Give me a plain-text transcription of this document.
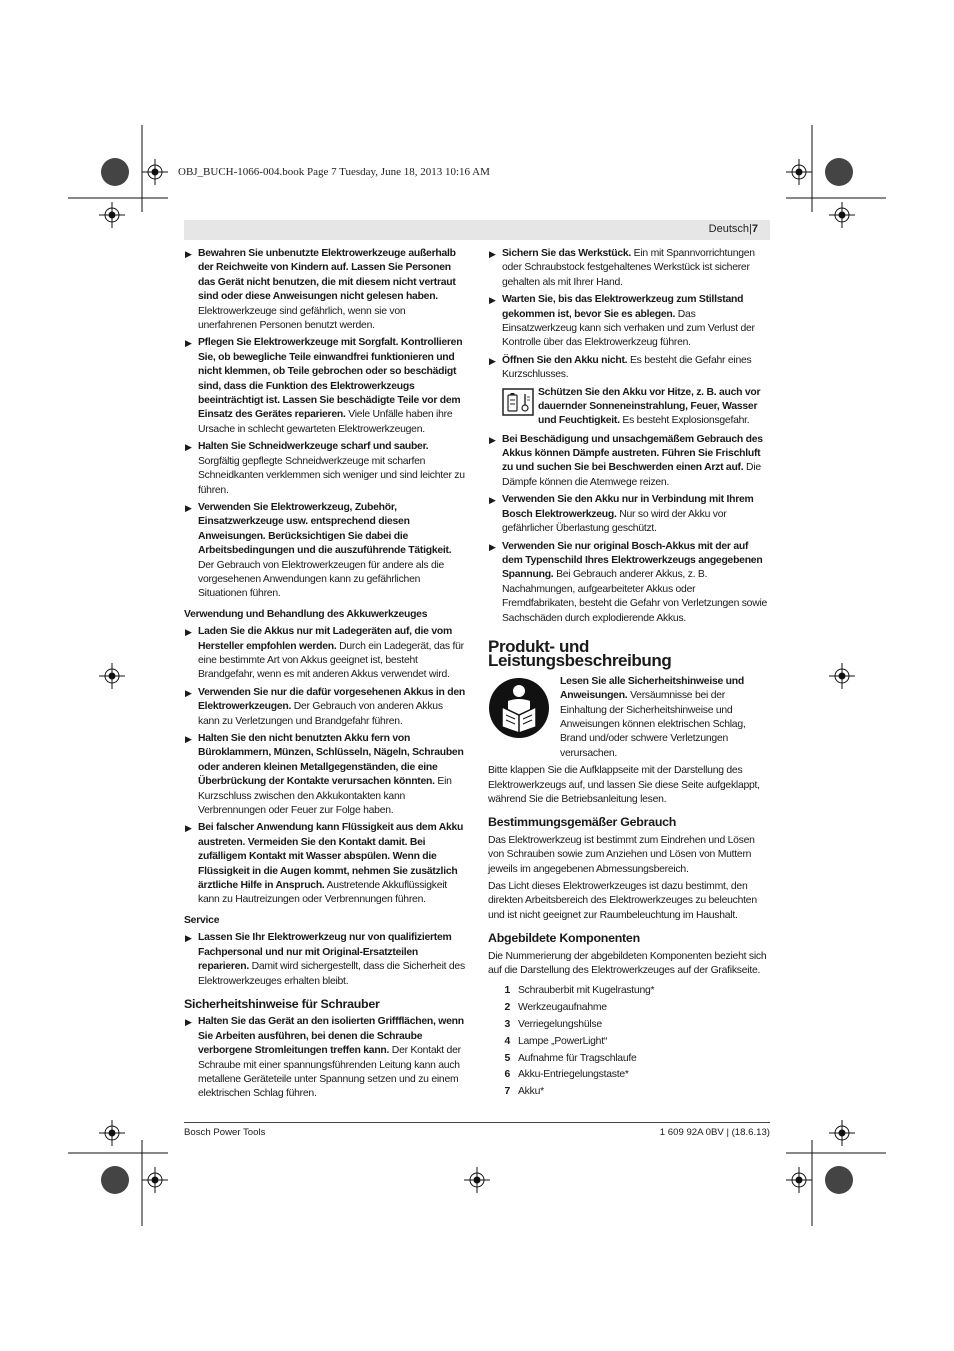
OBJ_BUCH-1066-004.book Page 7 Tuesday, June 18, 2013 10:16 AM
Deutsch|7
▶ Bewahren Sie unbenutzte Elektrowerkzeuge außerhalb der Reichweite von Kindern auf. Lassen Sie Personen das Gerät nicht benutzen, die mit diesem nicht vertraut sind oder diese Anweisungen nicht gelesen haben. Elektrowerkzeuge sind gefährlich, wenn sie von unerfahrenen Personen benutzt werden.
▶ Pflegen Sie Elektrowerkzeuge mit Sorgfalt. Kontrollieren Sie, ob bewegliche Teile einwandfrei funktionieren und nicht klemmen, ob Teile gebrochen oder so beschädigt sind, dass die Funktion des Elektrowerkzeugs beeinträchtigt ist. Lassen Sie beschädigte Teile vor dem Einsatz des Gerätes reparieren. Viele Unfälle haben ihre Ursache in schlecht gewarteten Elektrowerkzeugen.
▶ Halten Sie Schneidwerkzeuge scharf und sauber. Sorgfältig gepflegte Schneidwerkzeuge mit scharfen Schneidkanten verklemmen sich weniger und sind leichter zu führen.
▶ Verwenden Sie Elektrowerkzeug, Zubehör, Einsatzwerkzeuge usw. entsprechend diesen Anweisungen. Berücksichtigen Sie dabei die Arbeitsbedingungen und die auszuführende Tätigkeit. Der Gebrauch von Elektrowerkzeugen für andere als die vorgesehenen Anwendungen kann zu gefährlichen Situationen führen.
Verwendung und Behandlung des Akkuwerkzeuges
▶ Laden Sie die Akkus nur mit Ladegeräten auf, die vom Hersteller empfohlen werden. Durch ein Ladegerät, das für eine bestimmte Art von Akkus geeignet ist, besteht Brandgefahr, wenn es mit anderen Akkus verwendet wird.
▶ Verwenden Sie nur die dafür vorgesehenen Akkus in den Elektrowerkzeugen. Der Gebrauch von anderen Akkus kann zu Verletzungen und Brandgefahr führen.
▶ Halten Sie den nicht benutzten Akku fern von Büroklammern, Münzen, Schlüsseln, Nägeln, Schrauben oder anderen kleinen Metallgegenständen, die eine Überbrückung der Kontakte verursachen könnten. Ein Kurzschluss zwischen den Akkukontakten kann Verbrennungen oder Feuer zur Folge haben.
▶ Bei falscher Anwendung kann Flüssigkeit aus dem Akku austreten. Vermeiden Sie den Kontakt damit. Bei zufälligem Kontakt mit Wasser abspülen. Wenn die Flüssigkeit in die Augen kommt, nehmen Sie zusätzlich ärztliche Hilfe in Anspruch. Austretende Akkuflüssigkeit kann zu Hautreizungen oder Verbrennungen führen.
Service
▶ Lassen Sie Ihr Elektrowerkzeug nur von qualifiziertem Fachpersonal und nur mit Original-Ersatzteilen reparieren. Damit wird sichergestellt, dass die Sicherheit des Elektrowerkzeuges erhalten bleibt.
Sicherheitshinweise für Schrauber
▶ Halten Sie das Gerät an den isolierten Griffflächen, wenn Sie Arbeiten ausführen, bei denen die Schraube verborgene Stromleitungen treffen kann. Der Kontakt der Schraube mit einer spannungsführenden Leitung kann auch metallene Geräteteile unter Spannung setzen und zu einem elektrischen Schlag führen.
▶ Sichern Sie das Werkstück. Ein mit Spannvorrichtungen oder Schraubstock festgehaltenes Werkstück ist sicherer gehalten als mit Ihrer Hand.
▶ Warten Sie, bis das Elektrowerkzeug zum Stillstand gekommen ist, bevor Sie es ablegen. Das Einsatzwerkzeug kann sich verhaken und zum Verlust der Kontrolle über das Elektrowerkzeug führen.
▶ Öffnen Sie den Akku nicht. Es besteht die Gefahr eines Kurzschlusses.
Schützen Sie den Akku vor Hitze, z. B. auch vor dauernder Sonneneinstrahlung, Feuer, Wasser und Feuchtigkeit. Es besteht Explosionsgefahr.
▶ Bei Beschädigung und unsachgemäßem Gebrauch des Akkus können Dämpfe austreten. Führen Sie Frischluft zu und suchen Sie bei Beschwerden einen Arzt auf. Die Dämpfe können die Atemwege reizen.
▶ Verwenden Sie den Akku nur in Verbindung mit Ihrem Bosch Elektrowerkzeug. Nur so wird der Akku vor gefährlicher Überlastung geschützt.
▶ Verwenden Sie nur original Bosch-Akkus mit der auf dem Typenschild Ihres Elektrowerkzeugs angegebenen Spannung. Bei Gebrauch anderer Akkus, z. B. Nachahmungen, aufgearbeiteter Akkus oder Fremdfabrikaten, besteht die Gefahr von Verletzungen sowie Sachschäden durch explodierende Akkus.
Produkt- und Leistungsbeschreibung
Lesen Sie alle Sicherheitshinweise und Anweisungen. Versäumnisse bei der Einhaltung der Sicherheitshinweise und Anweisungen können elektrischen Schlag, Brand und/oder schwere Verletzungen verursachen.
Bitte klappen Sie die Aufklappseite mit der Darstellung des Elektrowerkzeugs auf, und lassen Sie diese Seite aufgeklappt, während Sie die Betriebsanleitung lesen.
Bestimmungsgemäßer Gebrauch
Das Elektrowerkzeug ist bestimmt zum Eindrehen und Lösen von Schrauben sowie zum Anziehen und Lösen von Muttern jeweils im angegebenen Abmessungsbereich.
Das Licht dieses Elektrowerkzeuges ist dazu bestimmt, den direkten Arbeitsbereich des Elektrowerkzeuges zu beleuchten und ist nicht geeignet zur Raumbeleuchtung im Haushalt.
Abgebildete Komponenten
Die Nummerierung der abgebildeten Komponenten bezieht sich auf die Darstellung des Elektrowerkzeuges auf der Grafikseite.
1 Schrauberbit mit Kugelrastung*
2 Werkzeugaufnahme
3 Verriegelungshülse
4 Lampe „PowerLight“
5 Aufnahme für Tragschlaufe
6 Akku-Entriegelungstaste*
7 Akku*
Bosch Power Tools	1 609 92A 0BV | (18.6.13)
